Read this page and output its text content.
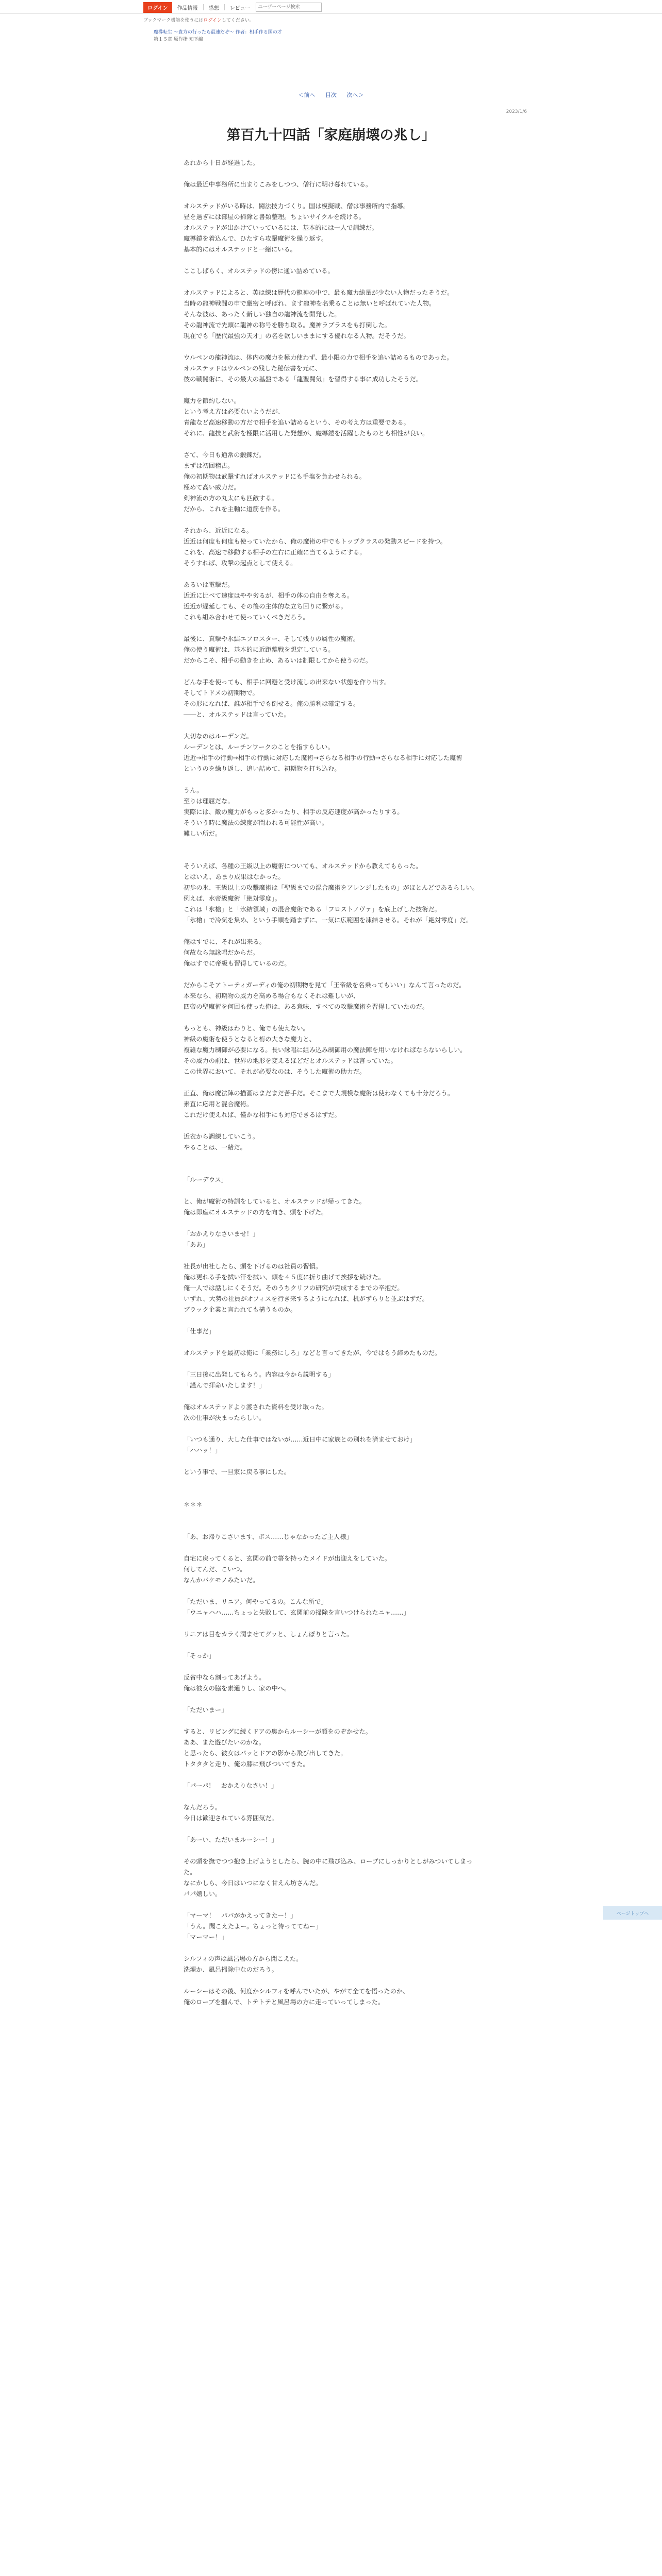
ログイン	作品情報 感想 レビュー
ユーザーページ検索
ブックマーク機能を使うにはログインしてください。
魔導転生 ～貴方の行ったら最速だぞ～ 作者：相手作る国の才
第１５章 原作指 知下編
＜前へ 目次 次へ＞
2023/1/6
第百九十四話「家庭崩壊の兆し」

あれから十日が経過した。

俺は最近中事務所に出まりこみをしつつ、僧行に明け暮れている。

オルステッドがいる時は、闘法技力づくり。国は模擬戦、僧は事務所内で指導。

昼を過ぎには部屋の掃除と書類整理。ちょいサイクルを続ける。

オルステッドが出かけていっているには、基本的には一人で訓練だ。

魔導鎧を着込んで、ひたすら攻撃魔術を繰り返す。

基本的にはオルステッドと一緒にいる。

ここしばらく、オルステッドの傍に通い詰めている。

オルステッドによると、英は練は歴代の龍神の中で、最も魔力総量が少ない人物だったそうだ。

当時の龍神戦闘の申で厳密と呼ばれ、ます龍神を名乗ることは無いと呼ばれていた人物。

そんな彼は、あったく新しい独自の龍神流を開発した。

その龍神流で先頭に龍神の称号を勝ち取る。魔神ラプラスをも打倒した。

現在でも「歴代最強の天才」の名を欲しいままにする優れなる人物。だそうだ。

ウルペンの龍神流は、体内の魔力を極力使わず、最小限の力で相手を追い詰めるものであった。

オルステッドはウルペンの残した秘伝書を元に、

彼の戦闘術に、その最大の基盤である「龍聖闘気」を習得する事に成功したそうだ。

魔力を節約しない。

という考え方は必要ないようだが、

青龍など高速移動の方だで相手を追い詰めるという、その考え方は重要である。

それに、龍技と武術を極限に活用した発想が、魔導鎧を活躍したものとも相性が良い。

さて、今日も通常の鍛錬だ。

まずは初回稽古。

俺の初期物は武撃すればオルステッドにも手塩を負わせられる。

極めて高い威力だ。

剣神流の方の丸太にも匹敵する。

だから、これを主軸に道筋を作る。

それから、近近になる。

近近は何度も何度も使っていたから、俺の魔術の中でもトップクラスの発動スピードを持つ。

これを、高速で移動する相手の左右に正確に当てるようにする。

そうすれば、攻撃の起点として使える。

あるいは電撃だ。

近近に比べて速度はやや劣るが、相手の体の自由を奪える。

近近が遅延しても、その後の主体的な立ち回りに繋がる。

これも組み合わせて使っていくべきだろう。

最後に、真撃や氷結エフロスター、そして残りの属性の魔術。

俺の使う魔術は、基本的に近距離戦を想定している。

だからこそ、相手の動きを止め、あるいは制限してから使うのだ。

どんな手を使っても、相手に回避と受け流しの出来ない状態を作り出す。

そしてトドメの初期物で。

その形になれば、誰が相手でも倒せる。俺の勝利は確定する。

――と、オルステッドは言っていた。

大切なのはルーデンだ。

ルーデンとは、ルーチンワークのことを指すらしい。

近近→相手の行動→相手の行動に対応した魔術→さらなる相手の行動→さらなる相手に対応した魔術

というのを繰り返し、追い詰めて、初期物を打ち込む。

うん。

至りは理屈だな。

実際には、敵の魔力がもっと多かったり、相手の反応速度が高かったりする。

そういう時に魔法の練度が問われる可能性が高い。

難しい所だ。

そういえば、各種の王級以上の魔術についても、オルステッドから教えてもらった。

とはいえ、あまり成果はなかった。

初歩の氷、王級以上の攻撃魔術は「聖級までの混合魔術をアレンジしたもの」がほとんどであるらしい。

例えば、水帝級魔術「絶対零度」。

これは「氷槍」と「氷結領域」の混合魔術である「フロストノヴァ」を底上げした技術だ。

「氷槍」で冷気を集め、という手順を踏まずに、一気に広範囲を凍結させる。それが「絶対零度」だ。

俺はすでに、それが出来る。

何故なら無詠唱だからだ。

俺はすでに帝級も習得しているのだ。

だからこそアトーティガーディの俺の初期物を見て「王帝級を名乗ってもいい」なんて言ったのだ。

本来なら、初期物の威力を高める場合もなくそれは難しいが、

四帝の聖魔術を何回も使った俺は、ある意味、すべての攻撃魔術を習得していたのだ。

もっとも、神級はわりと、俺でも使えない。

神級の魔術を使うとなると桁の大きな魔力と、

複雑な魔力制御が必要になる。長い詠唱に組み込み制御用の魔法陣を用いなければならないらしい。

その威力の前は、世界の地形を変えるほどだとオルステッドは言っていた。

この世界において、それが必要なのは、そうした魔術の助力だ。

正直、俺は魔法陣の描画はまだまだ苦手だ。そこまで大規模な魔術は使わなくても十分だろう。

素直に応用と混合魔術。

これだけ使えれば、僅かな相手にも対応できるはずだ。

近衣から調練していこう。

やることは、一緒だ。

「ルーデウス」

と、俺が魔術の特訓をしていると、オルステッドが帰ってきた。

俺は即座にオルステッドの方を向き、頭を下げた。

「おかえりなさいませ！」

「ああ」

社長が出社したら、頭を下げるのは社員の習慣。

俺は更れる手を拭い汗を拭い、頭を４５度に折り曲げて挨拶を続けた。

俺一人では話しにくそうだ。そのうちクリフの研究が完成するまでの辛抱だ。

いずれ、大勢の社員がオフィスを行き来するようになれば、机がずらりと並ぶはずだ。

ブラック企業と言われても構うものか。

「仕事だ」

オルステッドを最初は俺に「業務にしろ」などと言ってきたが、今ではもう諦めたものだ。

「三日後に出発してもらう。内容は今から説明する」

「謹んで拝命いたします！」

俺はオルステッドより渡された資料を受け取った。

次の仕事が決まったらしい。

「いつも通り、大した仕事ではないが……近日中に家族との別れを済ませておけ」

「ハハッ！」

という事で、一旦家に戻る事にした。

＊＊＊

「あ、お帰りこさいます、ボス……じゃなかったご主人様」

自宅に戻ってくると、玄関の前で箒を持ったメイドが出迎えをしていた。

何してんだ、こいつ。

なんかバケモノみたいだ。

「ただいま、リニア。何やってるの。こんな所で」

「ウニャハハ……ちょっと失敗して、玄関前の掃除を言いつけられたニャ……」

リニアは目をカラく潤ませてグッと、しょんぼりと言った。

「そっか」

反省中なら割ってあげよう。

俺は彼女の脇を素通りし、家の中へ。

「ただいまー」

すると、リビングに続くドアの奥からルーシーが顔をのぞかせた。

ああ、また遊びたいのかな。

と思ったら、彼女はパッとドアの影から飛び出してきた。

トタタタと走り、俺の膝に飛びついてきた。

「パーパ！　おかえりなさい！」

なんだろう。

今日は歓迎されている雰囲気だ。

「あーい、ただいまルーシー！」

その頭を撫でつつ抱き上げようとしたら、腕の中に飛び込み、ローブにしっかりとしがみついてしまった。

なにかしら、今日はいつになく甘えん坊さんだ。

パパ嬉しい。

「マーマ！　パパがかえってきたー！」

「うん。聞こえたよー。ちょっと待っててねー」

「マーマー！」

シルフィの声は風呂場の方から聞こえた。

洗濯か、風呂掃除中なのだろう。

ルーシーはその後、何度かシルフィを呼んでいたが、やがて全てを悟ったのか、

俺のローブを掴んで、トテトテと風呂場の方に走っていってしまった。

ページトップへ
